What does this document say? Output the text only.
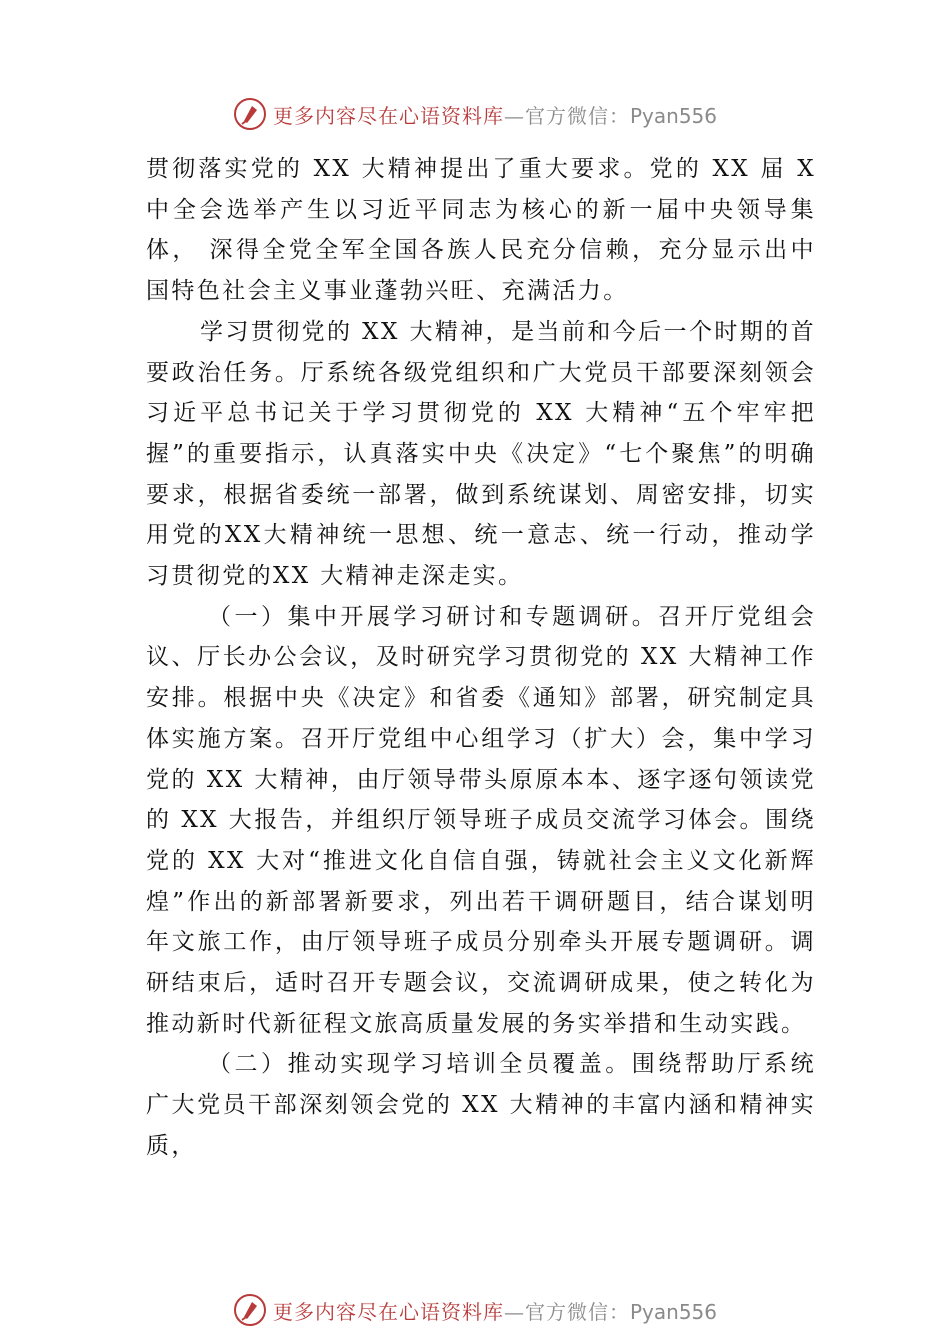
更多内容尽在心语资料库—官方微信：Pyan556

贯彻落实党的 XX 大精神提出了重大要求。党的 XX 届 X 中全会选举产生以习近平同志为核心的新一届中央领导集体， 深得全党全军全国各族人民充分信赖，充分显示出中国特色社会主义事业蓬勃兴旺、充满活力。

学习贯彻党的 XX 大精神，是当前和今后一个时期的首要政治任务。厅系统各级党组织和广大党员干部要深刻领会习近平总书记关于学习贯彻党的 XX 大精神“五个牢牢把握”的重要指示，认真落实中央《决定》“七个聚焦”的明确要求，根据省委统一部署，做到系统谋划、周密安排，切实用党的XX大精神统一思想、统一意志、统一行动，推动学习贯彻党的XX 大精神走深走实。

（一）集中开展学习研讨和专题调研。召开厅党组会议、厅长办公会议，及时研究学习贯彻党的 XX 大精神工作安排。根据中央《决定》和省委《通知》部署，研究制定具体实施方案。召开厅党组中心组学习（扩大）会，集中学习党的 XX 大精神，由厅领导带头原原本本、逐字逐句领读党的 XX 大报告，并组织厅领导班子成员交流学习体会。围绕党的 XX 大对“推进文化自信自强，铸就社会主义文化新辉煌”作出的新部署新要求，列出若干调研题目，结合谋划明年文旅工作，由厅领导班子成员分别牵头开展专题调研。调研结束后，适时召开专题会议，交流调研成果，使之转化为推动新时代新征程文旅高质量发展的务实举措和生动实践。

（二）推动实现学习培训全员覆盖。围绕帮助厅系统广大党员干部深刻领会党的 XX 大精神的丰富内涵和精神实质，

更多内容尽在心语资料库—官方微信：Pyan556
